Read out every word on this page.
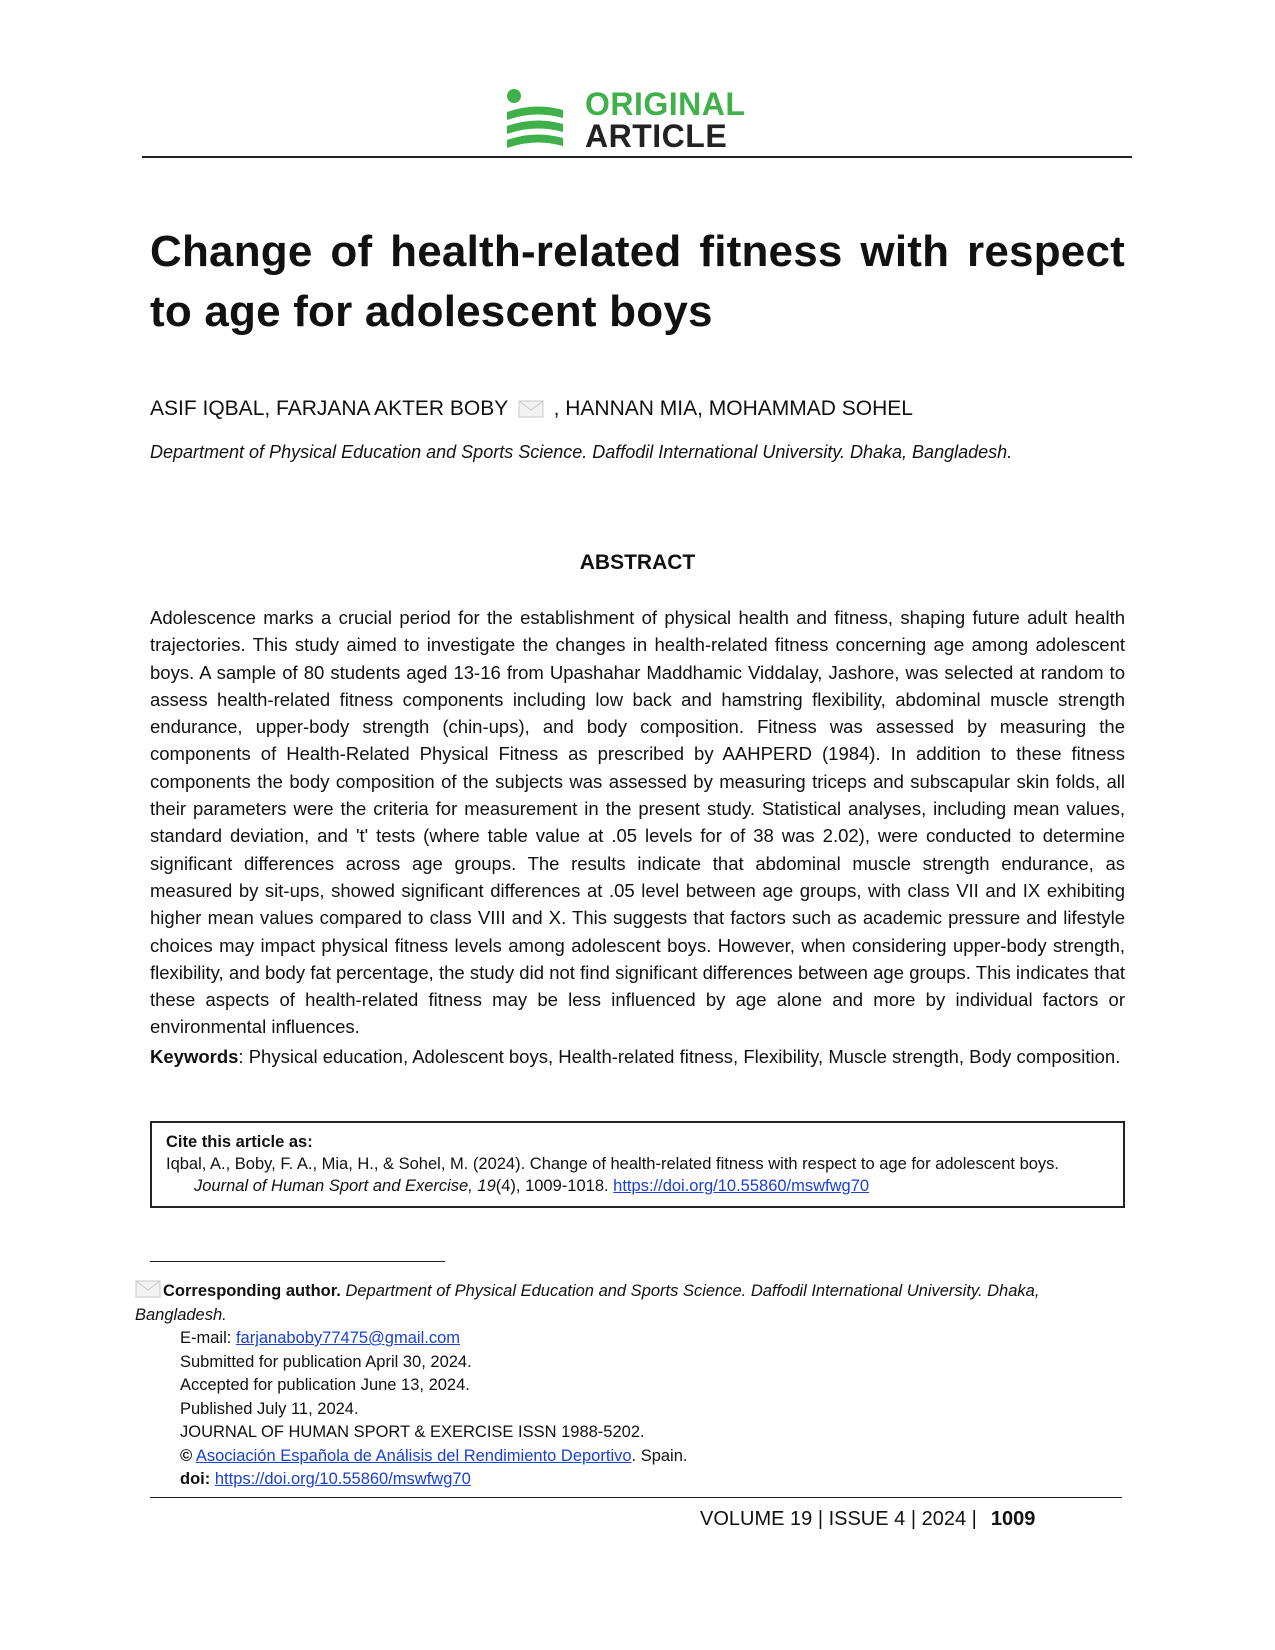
ORIGINAL
ARTICLE
Change of health-related fitness with respect to age for adolescent boys
ASIF IQBAL, FARJANA AKTER BOBY , HANNAN MIA, MOHAMMAD SOHEL
Department of Physical Education and Sports Science. Daffodil International University. Dhaka, Bangladesh.
ABSTRACT
Adolescence marks a crucial period for the establishment of physical health and fitness, shaping future adult health trajectories. This study aimed to investigate the changes in health-related fitness concerning age among adolescent boys. A sample of 80 students aged 13-16 from Upashahar Maddhamic Viddalay, Jashore, was selected at random to assess health-related fitness components including low back and hamstring flexibility, abdominal muscle strength endurance, upper-body strength (chin-ups), and body composition. Fitness was assessed by measuring the components of Health-Related Physical Fitness as prescribed by AAHPERD (1984). In addition to these fitness components the body composition of the subjects was assessed by measuring triceps and subscapular skin folds, all their parameters were the criteria for measurement in the present study. Statistical analyses, including mean values, standard deviation, and 't' tests (where table value at .05 levels for of 38 was 2.02), were conducted to determine significant differences across age groups. The results indicate that abdominal muscle strength endurance, as measured by sit-ups, showed significant differences at .05 level between age groups, with class VII and IX exhibiting higher mean values compared to class VIII and X. This suggests that factors such as academic pressure and lifestyle choices may impact physical fitness levels among adolescent boys. However, when considering upper-body strength, flexibility, and body fat percentage, the study did not find significant differences between age groups. This indicates that these aspects of health-related fitness may be less influenced by age alone and more by individual factors or environmental influences.
Keywords: Physical education, Adolescent boys, Health-related fitness, Flexibility, Muscle strength, Body composition.
Cite this article as:
Iqbal, A., Boby, F. A., Mia, H., & Sohel, M. (2024). Change of health-related fitness with respect to age for adolescent boys.
Journal of Human Sport and Exercise, 19(4), 1009-1018. https://doi.org/10.55860/mswfwg70
Corresponding author. Department of Physical Education and Sports Science. Daffodil International University. Dhaka, Bangladesh.
E-mail: farjanaboby77475@gmail.com
Submitted for publication April 30, 2024.
Accepted for publication June 13, 2024.
Published July 11, 2024.
JOURNAL OF HUMAN SPORT & EXERCISE ISSN 1988-5202.
© Asociación Española de Análisis del Rendimiento Deportivo. Spain.
doi: https://doi.org/10.55860/mswfwg70
VOLUME 19 | ISSUE 4 | 2024 | 1009
